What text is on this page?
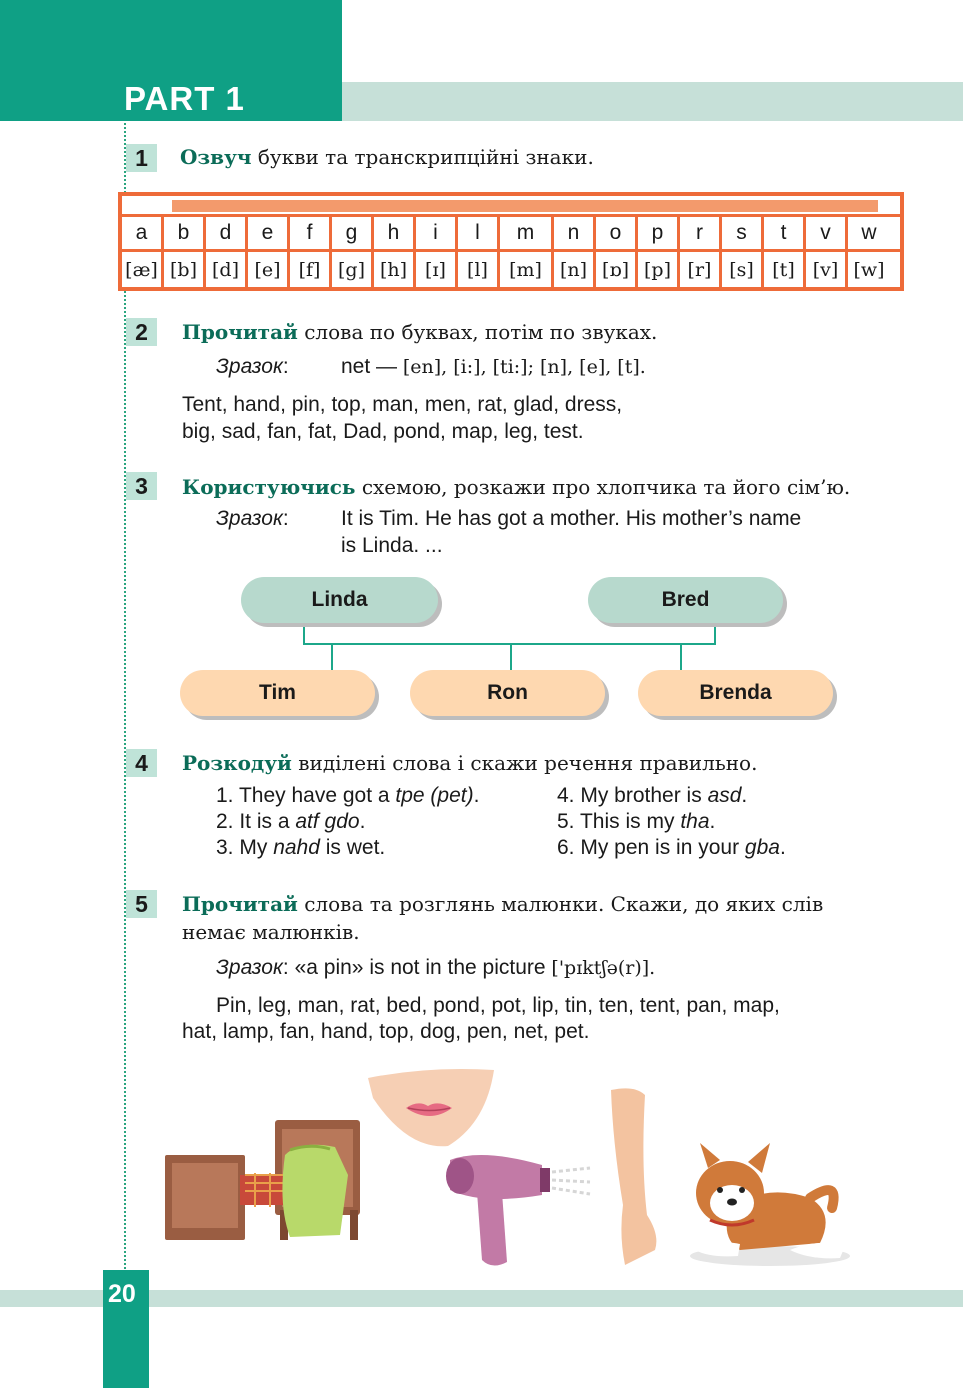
PART 1
1	Озвуч букви та транскрипційні знаки.
a	b	d	e	f	g	h	i	l	m	n	o	p	r	s	t	v	w
[æ] [b] [d] [e] [f] [g] [h] [ɪ]	[l]	[m] [n] [ɒ] [p] [r] [s] [t] [v] [w]
2	Прочитай слова по буквах, потім по звуках.
Зразок: net — [en], [i:], [ti:]; [n], [e], [t].
Tent, hand, pin, top, man, men, rat, glad, dress,
big, sad, fan, fat, Dad, pond, map, leg, test.
3	Користуючись схемою, розкажи про хлопчика та його сім’ю.
Зразок: It is Tim. He has got a mother. His mother’s name
is Linda. ...
Linda	Bred
Tim	Ron	Brenda
4	Розкодуй виділені слова і скажи речення правильно.
1. They have got a tpe (pet).
2. It is a atf gdo.
3. My nahd is wet.
4. My brother is asd.
5. This is my tha.
6. My pen is in your gba.
5	Прочитай слова та розглянь малюнки. Скажи, до яких слів
немає малюнків.
Зразок: «a pin» is not in the picture ['pɪktʃə(r)].
Pin, leg, man, rat, bed, pond, pot, lip, tin, ten, tent, pan, map,
hat, lamp, fan, hand, top, dog, pen, net, pet.
20
